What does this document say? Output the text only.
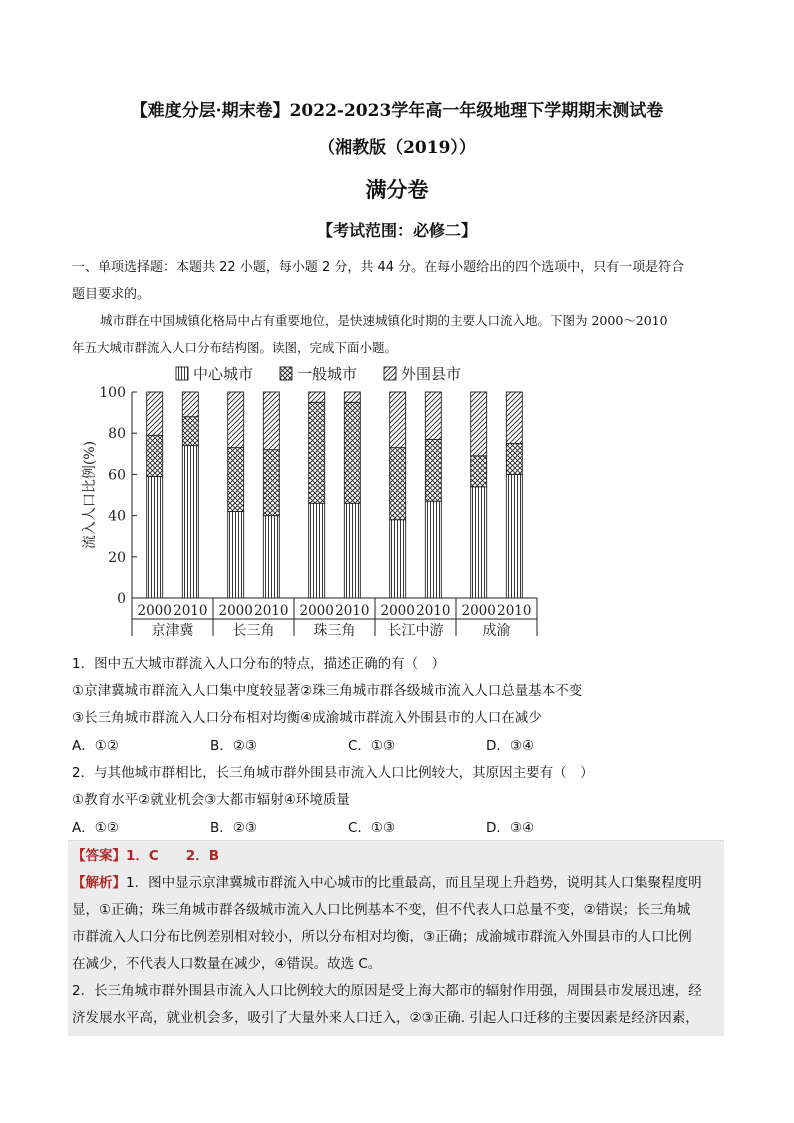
【难度分层·期末卷】2022-2023学年高一年级地理下学期期末测试卷
（湘教版（2019））
满分卷
【考试范围：必修二】
一、单项选择题：本题共 22 小题，每小题 2 分，共 44 分。在每小题给出的四个选项中，只有一项是符合
题目要求的。
城市群在中国城镇化格局中占有重要地位，是快速城镇化时期的主要人口流入地。下图为 2000～2010
年五大城市群流入人口分布结构图。读图，完成下面小题。
中心城市	一般城市	外围县市
0
20
40
60
80
100
流入人口比例(%)
2000 2010
京津冀
2000 2010
长三角
2000 2010
珠三角
2000 2010
长江中游
2000 2010
成渝
1．图中五大城市群流入人口分布的特点，描述正确的有（　）
①京津冀城市群流入人口集中度较显著②珠三角城市群各级城市流入人口总量基本不变
③长三角城市群流入人口分布相对均衡④成渝城市群流入外围县市的人口在减少
A．①②	B．②③	C．①③	D．③④
2．与其他城市群相比，长三角城市群外围县市流入人口比例较大，其原因主要有（　）
①教育水平②就业机会③大都市辐射④环境质量
A．①②	B．②③	C．①③	D．③④
【答案】1．C　　2．B
【解析】1．图中显示京津冀城市群流入中心城市的比重最高，而且呈现上升趋势，说明其人口集聚程度明
显，①正确；珠三角城市群各级城市流入人口比例基本不变，但不代表人口总量不变，②错误；长三角城
市群流入人口分布比例差别相对较小，所以分布相对均衡，③正确；成渝城市群流入外围县市的人口比例
在减少，不代表人口数量在减少，④错误。故选 C。
2．长三角城市群外围县市流入人口比例较大的原因是受上海大都市的辐射作用强，周围县市发展迅速，经
济发展水平高，就业机会多，吸引了大量外来人口迁入，②③正确. 引起人口迁移的主要因素是经济因素，
